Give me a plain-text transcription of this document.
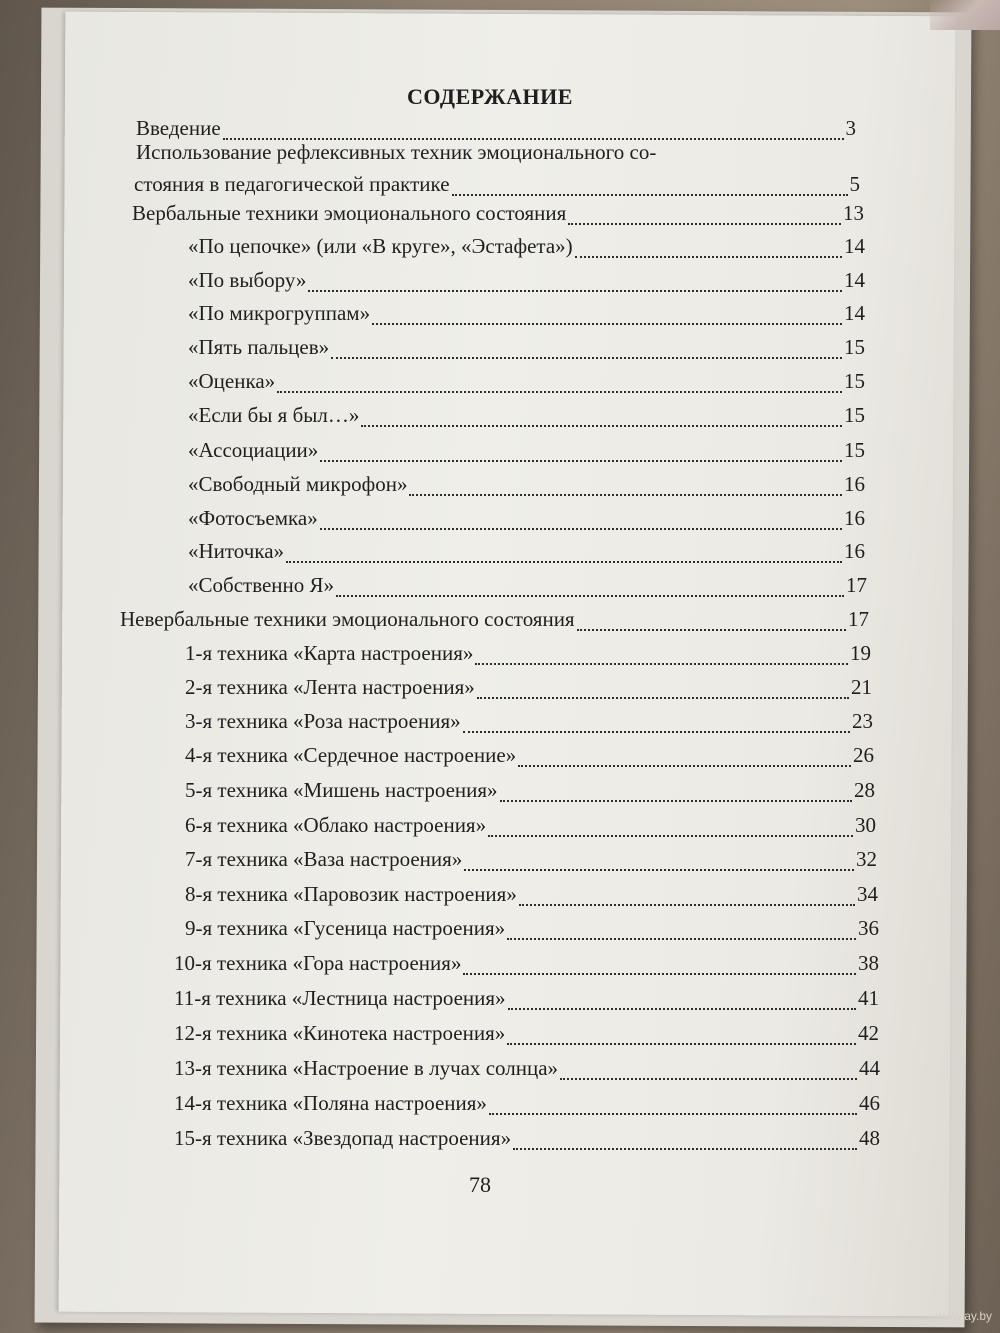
СОДЕРЖАНИЕ
Введение	3
Использование рефлексивных техник эмоционального со-
стояния в педагогической практике	5
Вербальные техники эмоционального состояния	13
«По цепочке» (или «В круге», «Эстафета»)	14
«По выбору»	14
«По микрогруппам»	14
«Пять пальцев»	15
«Оценка»	15
«Если бы я был…»	15
«Ассоциации»	15
«Свободный микрофон»	16
«Фотосъемка»	16
«Ниточка»	16
«Собственно Я»	17
Невербальные техники эмоционального состояния	17
1-я техника «Карта настроения»	19
2-я техника «Лента настроения»	21
3-я техника «Роза настроения»	23
4-я техника «Сердечное настроение»	26
5-я техника «Мишень настроения»	28
6-я техника «Облако настроения»	30
7-я техника «Ваза настроения»	32
8-я техника «Паровозик настроения»	34
9-я техника «Гусеница настроения»	36
10-я техника «Гора настроения»	38
11-я техника «Лестница настроения»	41
12-я техника «Кинотека настроения»	42
13-я техника «Настроение в лучах солнца»	44
14-я техника «Поляна настроения»	46
15-я техника «Звездопад настроения»	48
78
www.ay.by
